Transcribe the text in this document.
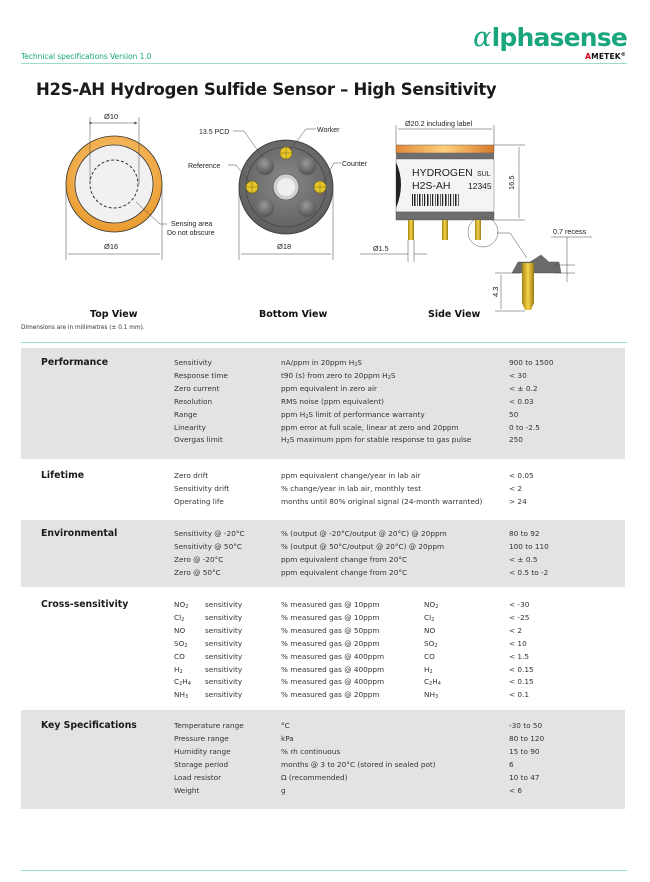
αlphasense
AMETEK®
Technical specifications Version 1.0
H2S-AH Hydrogen Sulfide Sensor – High Sensitivity
Ø10
Ø16
Sensing area
Do not obscure
13.5 PCD	Worker
Reference	Counter
Ø18
Ø20.2 including label
HYDROGEN SUL
H2S-AH 12345 16.5
Ø1.5
0.7 recess
4.3
Top View	Bottom View	Side View
Dimensions are in millimetres (± 0.1 mm).
Performance	Sensitivity	nA/ppm in 20ppm $H_2S$	900 to 1500
Response time	t90 (s) from zero to 20ppm $H_2S$	< 30
Zero current	ppm equivalent in zero air	< ± 0.2
Resolution	RMS noise (ppm equivalent)	< 0.03
Range	ppm $H_2S$ limit of performance warranty	50
Linearity	ppm error at full scale, linear at zero and 20ppm	0 to -2.5
Overgas limit	$H_2S$ maximum ppm for stable response to gas pulse	250
Lifetime	Zero drift	ppm equivalent change/year in lab air	< 0.05
Sensitivity drift	% change/year in lab air, monthly test	< 2
Operating life	months until 80% original signal (24-month warranted)	> 24
Environmental	Sensitivity @ -20°C	% (output @ -20°C/output @ 20°C) @ 20ppm	80 to 92
Sensitivity @ 50°C	% (output @ 50°C/output @ 20°C) @ 20ppm	100 to 110
Zero @ -20°C	ppm equivalent change from 20°C	< ± 0.5
Zero @ 50°C	ppm equivalent change from 20°C	< 0.5 to -2
Cross-sensitivity	$NO_2$ sensitivity	% measured gas @ 10ppm	$NO_2$	< -30
$Cl_2$	sensitivity	% measured gas @ 10ppm	$Cl_2$	< -25
NO	sensitivity	% measured gas @ 50ppm	NO	< 2
$SO_2$ sensitivity	% measured gas @ 20ppm	$SO_2$	< 10
CO	sensitivity	% measured gas @ 400ppm	CO	< 1.5
$H_2$	sensitivity	% measured gas @ 400ppm	$H_2$	< 0.15
$C_2H_4$ sensitivity	% measured gas @ 400ppm	$C_2H_4$	< 0.15
$NH_3$ sensitivity	% measured gas @ 20ppm	$NH_3$	< 0.1
Key Specifications	Temperature range	°C	-30 to 50
Pressure range	kPa	80 to 120
Humidity range	% rh continuous	15 to 90
Storage period	months @ 3 to 20°C (stored in sealed pot)	6
Load resistor	Ω (recommended)	10 to 47
Weight	g	< 6
